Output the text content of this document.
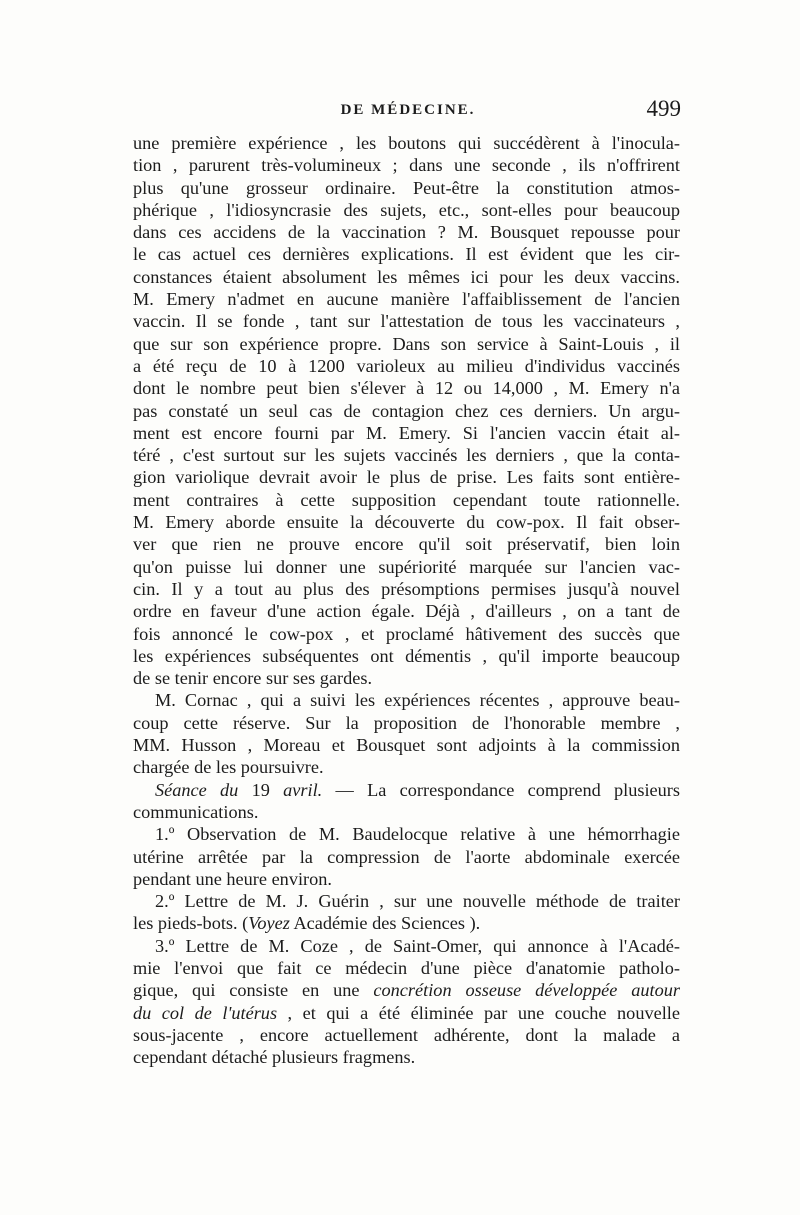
DE MÉDECINE.	499
une première expérience , les boutons qui succédèrent à l'inocula-
tion , parurent très-volumineux ; dans une seconde , ils n'offrirent
plus qu'une grosseur ordinaire. Peut-être la constitution atmos-
phérique , l'idiosyncrasie des sujets, etc., sont-elles pour beaucoup
dans ces accidens de la vaccination ? M. Bousquet repousse pour
le cas actuel ces dernières explications. Il est évident que les cir-
constances étaient absolument les mêmes ici pour les deux vaccins.
M. Emery n'admet en aucune manière l'affaiblissement de l'ancien
vaccin. Il se fonde , tant sur l'attestation de tous les vaccinateurs ,
que sur son expérience propre. Dans son service à Saint-Louis , il
a été reçu de 10 à 1200 varioleux au milieu d'individus vaccinés
dont le nombre peut bien s'élever à 12 ou 14,000 , M. Emery n'a
pas constaté un seul cas de contagion chez ces derniers. Un argu-
ment est encore fourni par M. Emery. Si l'ancien vaccin était al-
téré , c'est surtout sur les sujets vaccinés les derniers , que la conta-
gion variolique devrait avoir le plus de prise. Les faits sont entière-
ment contraires à cette supposition cependant toute rationnelle.
M. Emery aborde ensuite la découverte du cow-pox. Il fait obser-
ver que rien ne prouve encore qu'il soit préservatif, bien loin
qu'on puisse lui donner une supériorité marquée sur l'ancien vac-
cin. Il y a tout au plus des présomptions permises jusqu'à nouvel
ordre en faveur d'une action égale. Déjà , d'ailleurs , on a tant de
fois annoncé le cow-pox , et proclamé hâtivement des succès que
les expériences subséquentes ont démentis , qu'il importe beaucoup
de se tenir encore sur ses gardes.
M. Cornac , qui a suivi les expériences récentes , approuve beau-
coup cette réserve. Sur la proposition de l'honorable membre ,
MM. Husson , Moreau et Bousquet sont adjoints à la commission
chargée de les poursuivre.
Séance du 19 avril. — La correspondance comprend plusieurs
communications.
1.º Observation de M. Baudelocque relative à une hémorrhagie
utérine arrêtée par la compression de l'aorte abdominale exercée
pendant une heure environ.
2.º Lettre de M. J. Guérin , sur une nouvelle méthode de traiter
les pieds-bots. (Voyez Académie des Sciences ).
3.º Lettre de M. Coze , de Saint-Omer, qui annonce à l'Acadé-
mie l'envoi que fait ce médecin d'une pièce d'anatomie patholo-
gique, qui consiste en une concrétion osseuse développée autour
du col de l'utérus , et qui a été éliminée par une couche nouvelle
sous-jacente , encore actuellement adhérente, dont la malade a
cependant détaché plusieurs fragmens.
